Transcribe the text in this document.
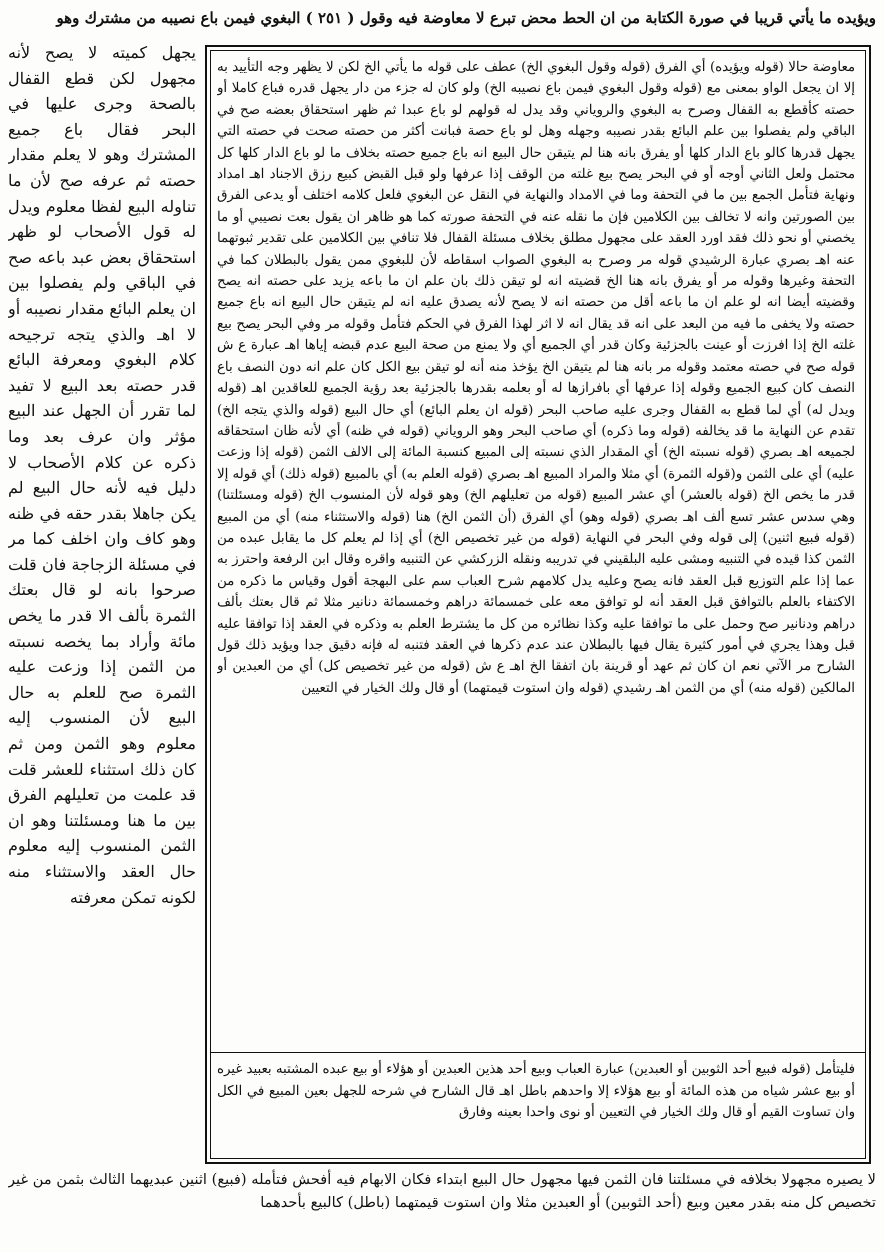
ويؤيده ما يأتي قريبا في صورة الكتابة من ان الحط محض تبرع لا معاوضة فيه وقول ( ٢٥١ ) البغوي فيمن باع نصيبه من مشترك وهو
يجهل كميته لا يصح لأنه مجهول لكن قطع القفال بالصحة وجرى عليها في البحر فقال باع جميع المشترك وهو لا يعلم مقدار حصته ثم عرفه صح لأن ما تناوله البيع لفظا معلوم ويدل له قول الأصحاب لو ظهر استحقاق بعض عبد باعه صح في الباقي ولم يفصلوا بين ان يعلم البائع مقدار نصيبه أو لا اهـ والذي يتجه ترجيحه كلام البغوي ومعرفة البائع قدر حصته بعد البيع لا تفيد لما تقرر أن الجهل عند البيع مؤثر وان عرف بعد وما ذكره عن كلام الأصحاب لا دليل فيه لأنه حال البيع لم يكن جاهلا بقدر حقه في ظنه وهو كاف وان اخلف كما مر في مسئلة الزجاجة فان قلت صرحوا بانه لو قال بعتك الثمرة بألف الا قدر ما يخص مائة وأراد بما يخصه نسبته من الثمن إذا وزعت عليه الثمرة صح للعلم به حال البيع لأن المنسوب إليه معلوم وهو الثمن ومن ثم كان ذلك استثناء للعشر قلت قد علمت من تعليلهم الفرق بين ما هنا ومسئلتنا وهو ان الثمن المنسوب إليه معلوم حال العقد والاستثناء منه لكونه تمكن معرفته
معاوضة حالا (قوله ويؤيده) أي الفرق (قوله وقول البغوي الخ) عطف على قوله ما يأتي الخ لكن لا يظهر وجه التأييد به إلا ان يجعل الواو بمعنى مع (قوله وقول البغوي فيمن باع نصيبه الخ) ولو كان له جزء من دار يجهل قدره فباع كاملا أو حصته كأقطع به القفال وصرح به البغوي والروياني وقد يدل له قولهم لو باع عبدا ثم ظهر استحقاق بعضه صح في الباقي ولم يفصلوا بين علم البائع بقدر نصيبه وجهله وهل لو باع حصة فبانت أكثر من حصته صحت في حصته التي يجهل قدرها كالو باع الدار كلها أو يفرق بانه هنا لم يتيقن حال البيع انه باع جميع حصته بخلاف ما لو باع الدار كلها كل محتمل ولعل الثاني أوجه أو في البحر يصح بيع غلته من الوقف إذا عرفها ولو قبل القبض كبيع رزق الاجناد اهـ امداد ونهاية فتأمل الجمع بين ما في التحفة وما في الامداد والنهاية في النقل عن البغوي فلعل كلامه اختلف أو يدعى الفرق بين الصورتين وانه لا تخالف بين الكلامين فإن ما نقله عنه في التحفة صورته كما هو ظاهر ان يقول بعت نصيبي أو ما يخصني أو نحو ذلك فقد اورد العقد على مجهول مطلق بخلاف مسئلة القفال فلا تنافي بين الكلامين على تقدير ثبوتهما عنه اهـ بصري عبارة الرشيدي قوله مر وصرح به البغوي الصواب اسقاطه لأن للبغوي ممن يقول بالبطلان كما في التحفة وغيرها وقوله مر أو يفرق بانه هنا الخ قضيته انه لو تيقن ذلك بان علم ان ما باعه يزيد على حصته انه يصح وقضيته أيضا انه لو علم ان ما باعه أقل من حصته انه لا يصح لأنه يصدق عليه انه لم يتيقن حال البيع انه باع جميع حصته ولا يخفى ما فيه من البعد على انه قد يقال انه لا اثر لهذا الفرق في الحكم فتأمل وقوله مر وفي البحر يصح بيع غلته الخ إذا افرزت أو عينت بالجزئية وكان قدر أي الجميع أي ولا يمنع من صحة البيع عدم قبضه إياها اهـ عبارة ع ش قوله صح في حصته معتمد وقوله مر بانه هنا لم يتيقن الخ يؤخذ منه أنه لو تيقن بيع الكل كان علم انه دون النصف باع النصف كان كبيع الجميع وقوله إذا عرفها أي بافرازها له أو بعلمه بقدرها بالجزئية بعد رؤية الجميع للعاقدين اهـ (قوله ويدل له) أي لما قطع به القفال وجرى عليه صاحب البحر (قوله ان يعلم البائع) أي حال البيع (قوله والذي يتجه الخ) تقدم عن النهاية ما قد يخالفه (قوله وما ذكره) أي صاحب البحر وهو الروياني (قوله في ظنه) أي لأنه ظان استحقاقه لجميعه اهـ بصري (قوله نسبته الخ) أي المقدار الذي نسبته إلى المبيع كنسبة المائة إلى الالف الثمن (قوله إذا وزعت عليه) أي على الثمن و(قوله الثمرة) أي مثلا والمراد المبيع اهـ بصري (قوله العلم به) أي بالمبيع (قوله ذلك) أي قوله إلا قدر ما يخص الخ (قوله بالعشر) أي عشر المبيع (قوله من تعليلهم الخ) وهو قوله لأن المنسوب الخ (قوله ومسئلتنا) وهي سدس عشر تسع ألف اهـ بصري (قوله وهو) أي الفرق (أن الثمن الخ) هنا (قوله والاستثناء منه) أي من المبيع (قوله فبيع اثنين) إلى قوله وفي البحر في النهاية (قوله من غير تخصيص الخ) أي إذا لم يعلم كل ما يقابل عبده من الثمن كذا قيده في التنبيه ومشى عليه البلقيني في تدريبه ونقله الزركشي عن التنبيه واقره وقال ابن الرفعة واحترز به عما إذا علم التوزيع قبل العقد فانه يصح وعليه يدل كلامهم شرح العباب سم على البهجة أقول وقياس ما ذكره من الاكتفاء بالعلم بالتوافق قبل العقد أنه لو توافق معه على خمسمائة دراهم وخمسمائة دنانير مثلا ثم قال بعتك بألف دراهم ودنانير صح وحمل على ما توافقا عليه وكذا نظائره من كل ما يشترط العلم به وذكره في العقد إذا توافقا عليه قبل وهذا يجري في أمور كثيرة يقال فيها بالبطلان عند عدم ذكرها في العقد فتنبه له فإنه دقيق جدا ويؤيد ذلك قول الشارح مر الآتي نعم ان كان ثم عهد أو قرينة بان اتفقا الخ اهـ ع ش (قوله من غير تخصيص كل) أي من العبدين أو المالكين (قوله منه) أي من الثمن اهـ رشيدي (قوله وان استوت قيمتهما) أو قال ولك الخيار في التعيين
فليتأمل (قوله فبيع أحد الثوبين أو العبدين) عبارة العباب وبيع أحد هذين العبدين أو هؤلاء أو بيع عبده المشتبه بعبيد غيره أو بيع عشر شياه من هذه المائة أو بيع هؤلاء إلا واحدهم باطل اهـ قال الشارح في شرحه للجهل بعين المبيع في الكل وان تساوت القيم أو قال ولك الخيار في التعيين أو نوى واحدا بعينه وفارق
لا يصيره مجهولا بخلافه في مسئلتنا فان الثمن فيها مجهول حال البيع ابتداء فكان الابهام فيه أفحش فتأمله (فبيع) اثنين عبديهما الثالث بثمن من غير تخصيص كل منه بقدر معين وبيع (أحد الثوبين) أو العبدين مثلا وان استوت قيمتهما (باطل) كالبيع بأحدهما
